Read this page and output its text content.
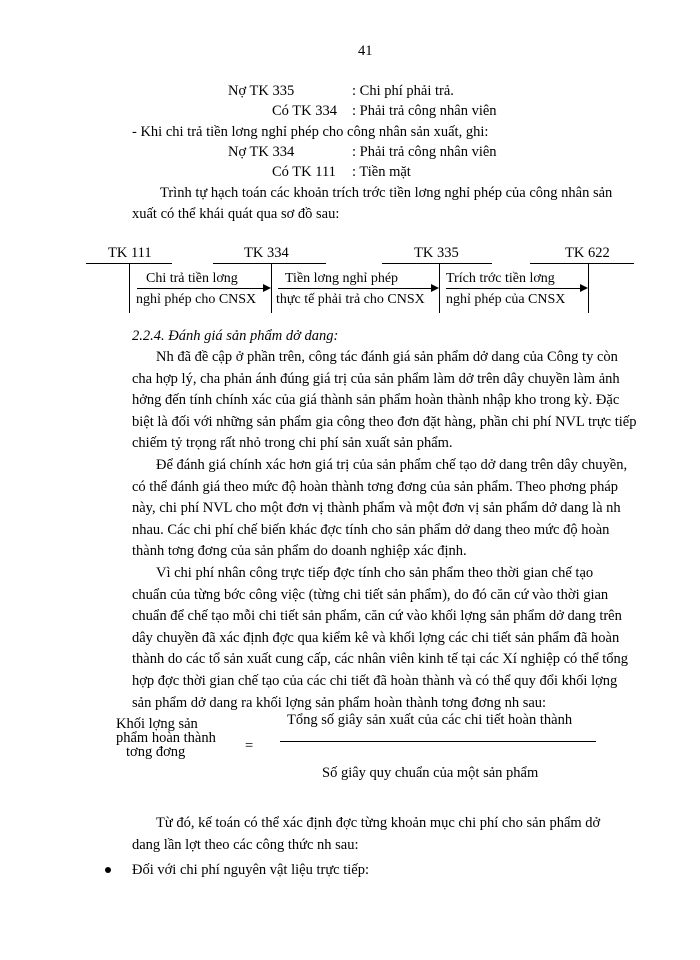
41
Nợ TK 335	: Chi phí phải trả.
Có TK 334 : Phải trả công nhân viên
- Khi chi trả tiền lơng nghỉ phép cho công nhân sản xuất, ghi:
Nợ TK 334	: Phải trả công nhân viên
Có TK 111 : Tiền mặt
Trình tự hạch toán các khoản trích trớc tiền lơng nghỉ phép của công nhân sản
xuất có thể khái quát qua sơ đồ sau:
TK 111	TK 334	TK 335	TK 622
Chi trả tiền lơng
nghỉ phép cho CNSX
Tiền lơng nghỉ phép
thực tế phải trả cho CNSX
Trích trớc tiền lơng
nghỉ phép của CNSX
2.2.4. Đánh giá sản phẩm dở dang:
Nh đã đề cập ở phần trên, công tác đánh giá sản phẩm dở dang của Công ty còn
cha hợp lý, cha phản ánh đúng giá trị của sản phẩm làm dở trên dây chuyền làm ảnh
hởng đến tính chính xác của giá thành sản phẩm hoàn thành nhập kho trong kỳ. Đặc
biệt là đối với những sản phẩm gia công theo đơn đặt hàng, phần chi phí NVL trực tiếp
chiếm tỷ trọng rất nhỏ trong chi phí sản xuất sản phẩm.
Để đánh giá chính xác hơn giá trị của sản phẩm chế tạo dở dang trên dây chuyền,
có thể đánh giá theo mức độ hoàn thành tơng đơng của sản phẩm. Theo phơng pháp
này, chi phí NVL cho một đơn vị thành phẩm và một đơn vị sản phẩm dở dang là nh
nhau. Các chi phí chế biến khác đợc tính cho sản phẩm dở dang theo mức độ hoàn
thành tơng đơng của sản phẩm do doanh nghiệp xác định.
Vì chi phí nhân công trực tiếp đợc tính cho sản phẩm theo thời gian chế tạo
chuẩn của từng bớc công việc (từng chi tiết sản phẩm), do đó căn cứ vào thời gian
chuẩn để chế tạo mỗi chi tiết sản phẩm, căn cứ vào khối lợng sản phẩm dở dang trên
dây chuyền đã xác định đợc qua kiểm kê và khối lợng các chi tiết sản phẩm đã hoàn
thành do các tổ sản xuất cung cấp, các nhân viên kinh tế tại các Xí nghiệp có thể tổng
hợp đợc thời gian chế tạo của các chi tiết đã hoàn thành và có thể quy đổi khối lợng
sản phẩm dở dang ra khối lợng sản phẩm hoàn thành tơng đơng nh sau:
Khối lợng sản
phẩm hoàn thành
tơng đơng	=
Tổng số giây sản xuất của các chi tiết hoàn thành
Số giây quy chuẩn của một sản phẩm
Từ đó, kế toán có thể xác định đợc từng khoản mục chi phí cho sản phẩm dở
dang lần lợt theo các công thức nh sau:
Đối với chi phí nguyên vật liệu trực tiếp:
